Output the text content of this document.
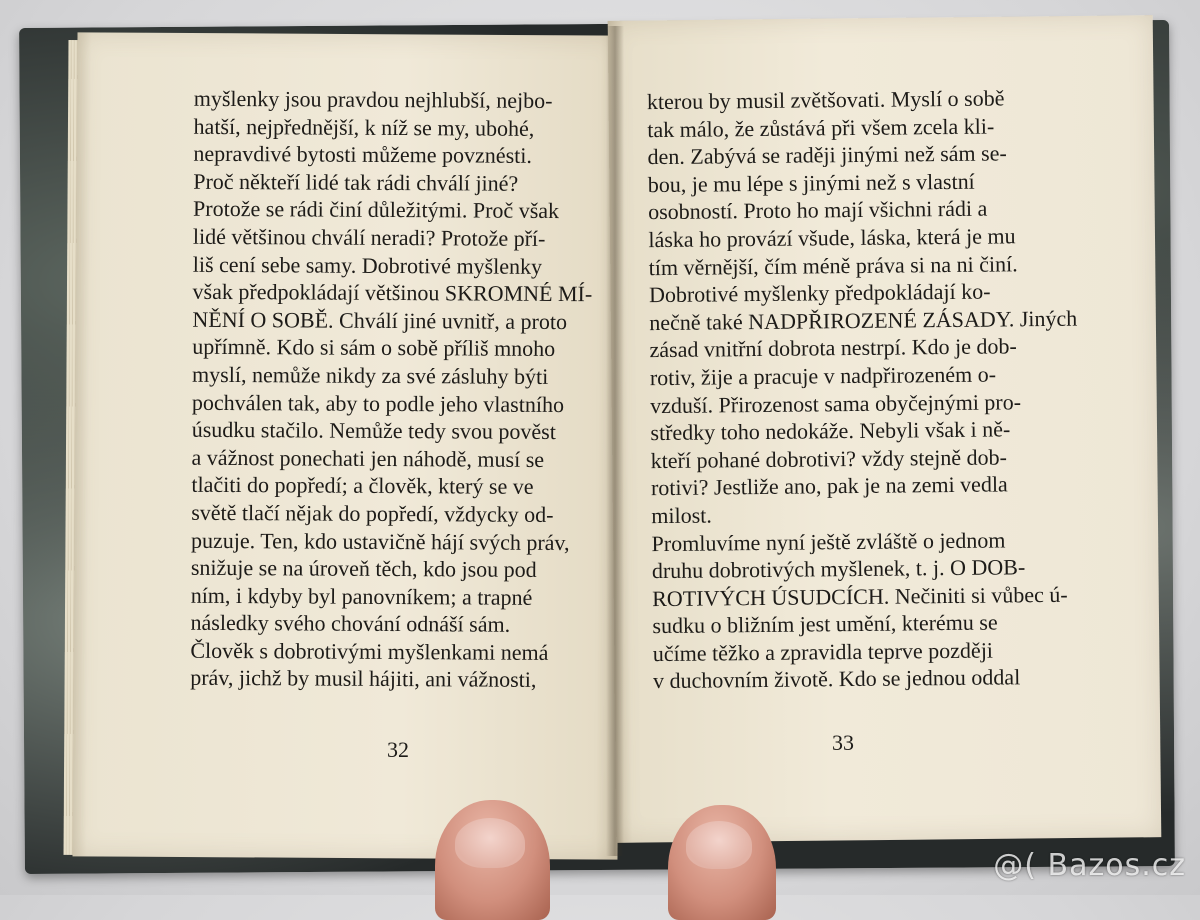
myšlenky jsou pravdou nejhlubší, nejbo-
hatší, nejpřednější, k níž se my, ubohé,
nepravdivé bytosti můžeme povznésti.
Proč někteří lidé tak rádi chválí jiné?
Protože se rádi činí důležitými. Proč však
lidé většinou chválí neradi? Protože pří-
liš cení sebe samy. Dobrotivé myšlenky
však předpokládají většinou SKROMNÉ MÍ-
NĚNÍ O SOBĚ. Chválí jiné uvnitř, a proto
upřímně. Kdo si sám o sobě příliš mnoho
myslí, nemůže nikdy za své zásluhy býti
pochválen tak, aby to podle jeho vlastního
úsudku stačilo. Nemůže tedy svou pověst
a vážnost ponechati jen náhodě, musí se
tlačiti do popředí; a člověk, který se ve
světě tlačí nějak do popředí, vždycky od-
puzuje. Ten, kdo ustavičně hájí svých práv,
snižuje se na úroveň těch, kdo jsou pod
ním, i kdyby byl panovníkem; a trapné
následky svého chování odnáší sám.
Člověk s dobrotivými myšlenkami nemá
práv, jichž by musil hájiti, ani vážnosti,
32
kterou by musil zvětšovati. Myslí o sobě
tak málo, že zůstává při všem zcela kli-
den. Zabývá se raději jinými než sám se-
bou, je mu lépe s jinými než s vlastní
osobností. Proto ho mají všichni rádi a
láska ho provází všude, láska, která je mu
tím věrnější, čím méně práva si na ni činí.
Dobrotivé myšlenky předpokládají ko-
nečně také NADPŘIROZENÉ ZÁSADY. Jiných
zásad vnitřní dobrota nestrpí. Kdo je dob-
rotiv, žije a pracuje v nadpřirozeném o-
vzduší. Přirozenost sama obyčejnými pro-
středky toho nedokáže. Nebyli však i ně-
kteří pohané dobrotivi? vždy stejně dob-
rotivi? Jestliže ano, pak je na zemi vedla
milost.
Promluvíme nyní ještě zvláště o jednom
druhu dobrotivých myšlenek, t. j. O DOB-
ROTIVÝCH ÚSUDCÍCH. Nečiniti si vůbec ú-
sudku o bližním jest umění, kterému se
učíme těžko a zpravidla teprve později
v duchovním životě. Kdo se jednou oddal
33
@( Bazos.cz
